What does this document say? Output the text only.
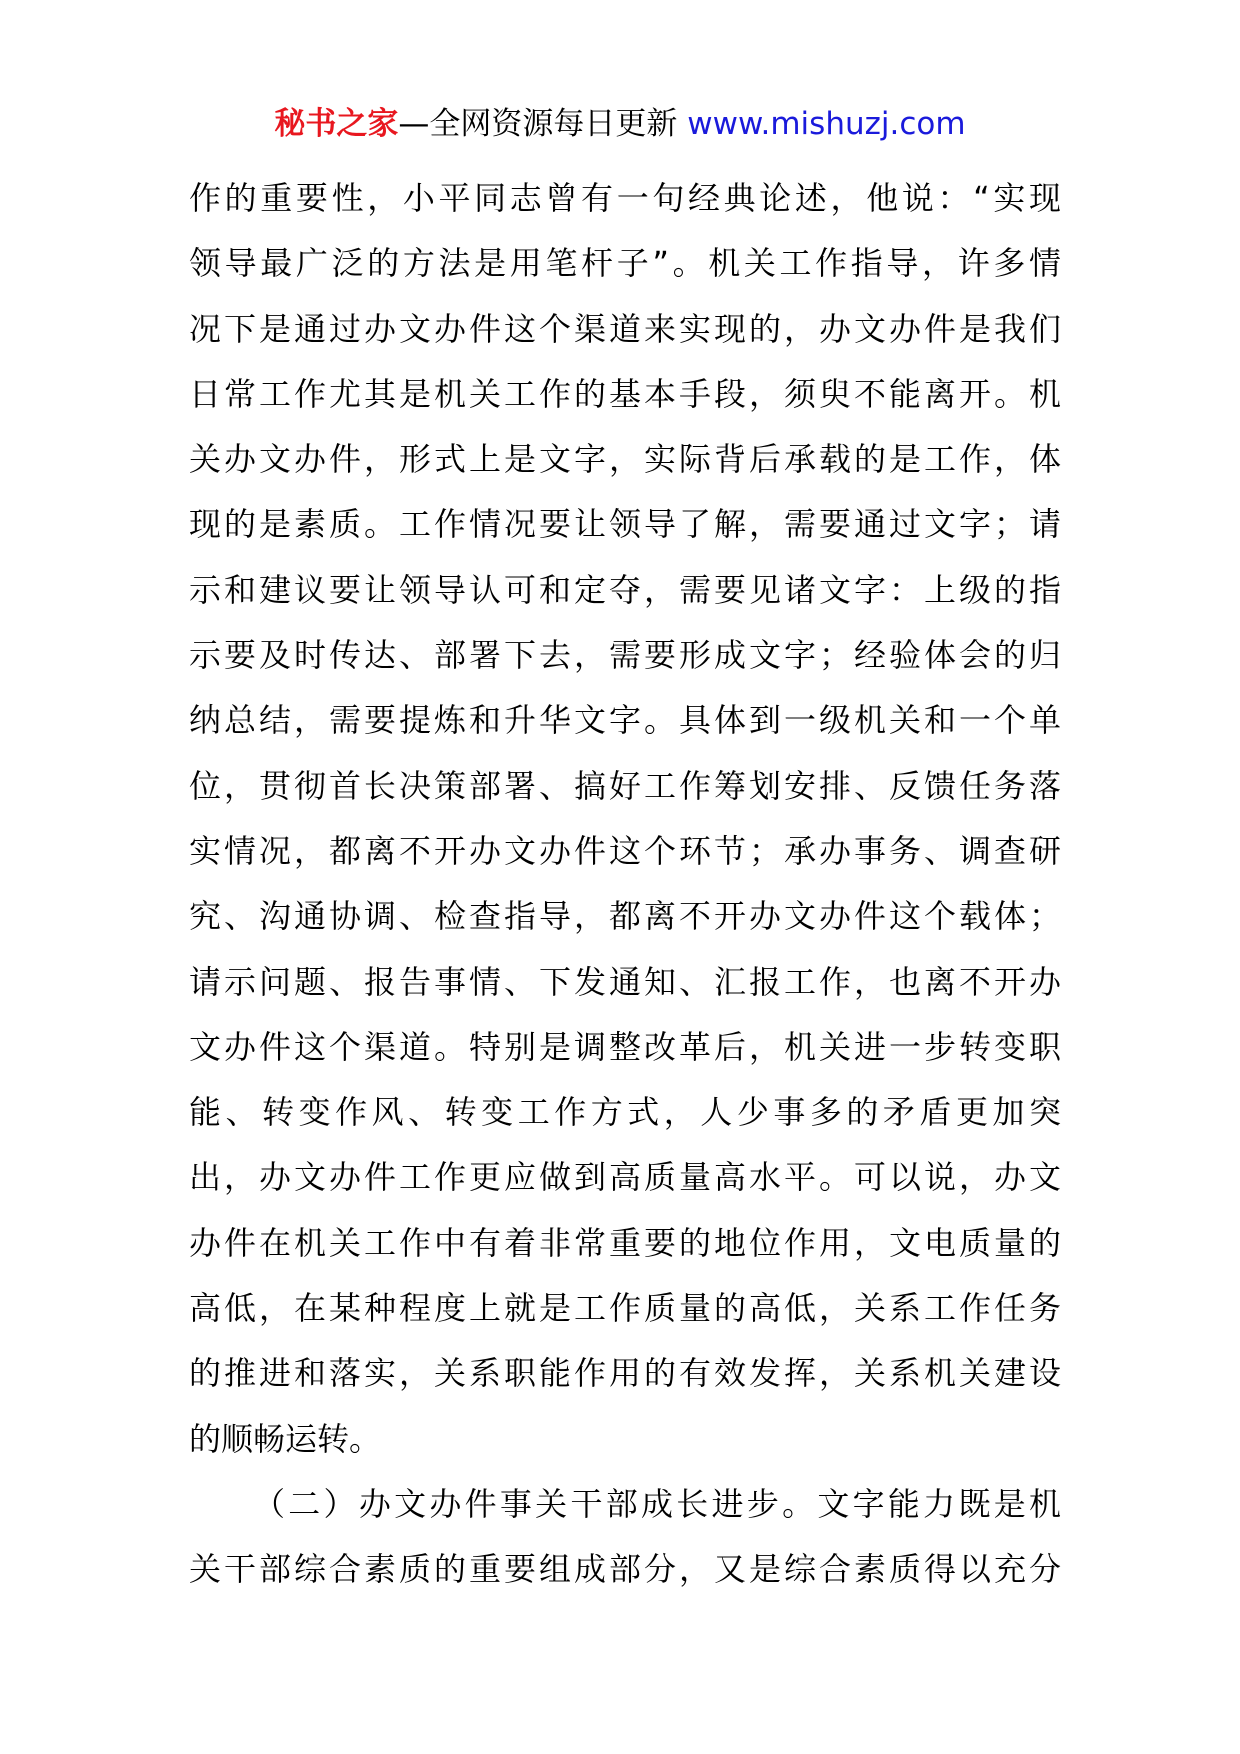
秘书之家—全网资源每日更新 www.mishuzj.com
作的重要性，小平同志曾有一句经典论述，他说：“实现
领导最广泛的方法是用笔杆子”。机关工作指导，许多情
况下是通过办文办件这个渠道来实现的，办文办件是我们
日常工作尤其是机关工作的基本手段，须臾不能离开。机
关办文办件，形式上是文字，实际背后承载的是工作，体
现的是素质。工作情况要让领导了解，需要通过文字；请
示和建议要让领导认可和定夺，需要见诸文字：上级的指
示要及时传达、部署下去，需要形成文字；经验体会的归
纳总结，需要提炼和升华文字。具体到一级机关和一个单
位，贯彻首长决策部署、搞好工作筹划安排、反馈任务落
实情况，都离不开办文办件这个环节；承办事务、调查研
究、沟通协调、检查指导，都离不开办文办件这个载体；
请示问题、报告事情、下发通知、汇报工作，也离不开办
文办件这个渠道。特别是调整改革后，机关进一步转变职
能、转变作风、转变工作方式，人少事多的矛盾更加突
出，办文办件工作更应做到高质量高水平。可以说，办文
办件在机关工作中有着非常重要的地位作用，文电质量的
高低，在某种程度上就是工作质量的高低，关系工作任务
的推进和落实，关系职能作用的有效发挥，关系机关建设
的顺畅运转。
（二）办文办件事关干部成长进步。文字能力既是机
关干部综合素质的重要组成部分，又是综合素质得以充分
